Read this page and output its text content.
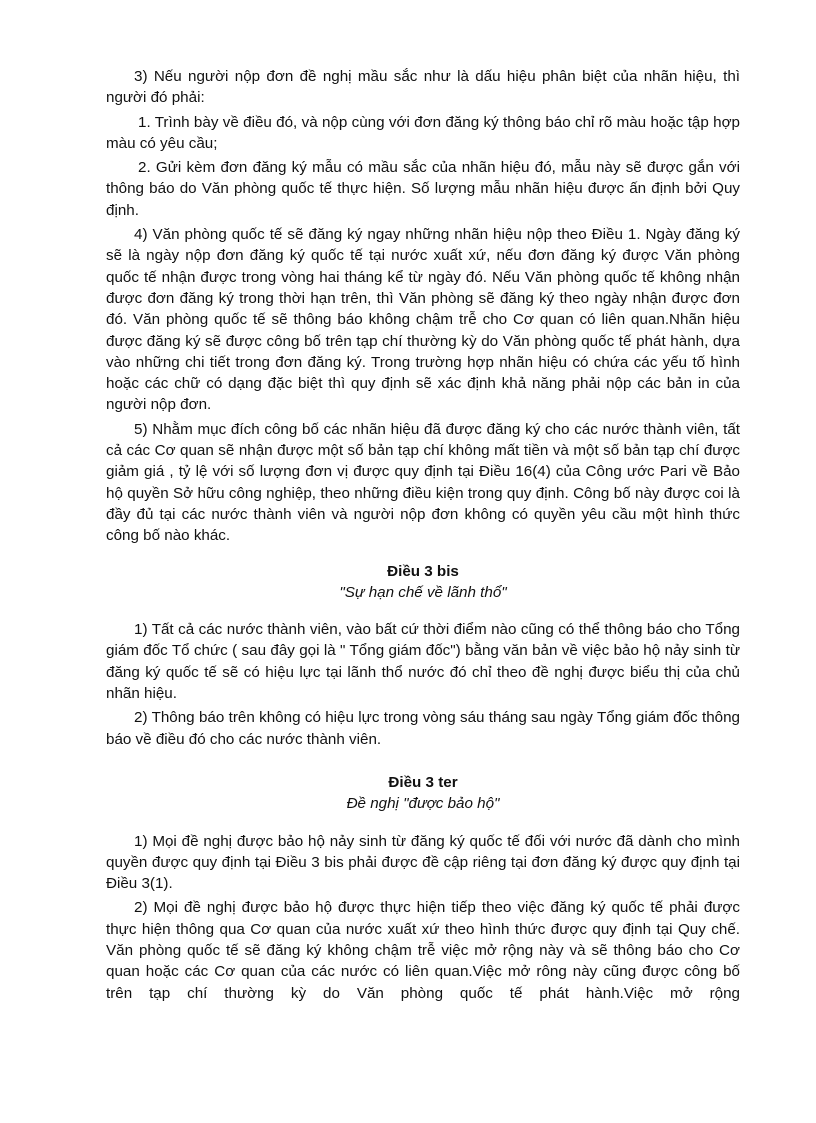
3) Nếu người nộp đơn đề nghị mầu sắc như là dấu hiệu phân biệt của nhãn hiệu, thì người đó phải:

1. Trình bày về điều đó, và nộp cùng với đơn đăng ký thông báo chỉ rõ màu hoặc tập hợp màu có yêu cầu;

2. Gửi kèm đơn đăng ký mẫu có mầu sắc của nhãn hiệu đó, mẫu này sẽ được gắn với thông báo do Văn phòng quốc tế thực hiện. Số lượng mẫu nhãn hiệu được ấn định bởi Quy định.

4) Văn phòng quốc tế sẽ đăng ký ngay những nhãn hiệu nộp theo Điều 1. Ngày đăng ký sẽ là ngày nộp đơn đăng ký quốc tế tại nước xuất xứ, nếu đơn đăng ký được Văn phòng quốc tế nhận được trong vòng hai tháng kể từ ngày đó. Nếu Văn phòng quốc tế không nhận được đơn đăng ký trong thời hạn trên, thì Văn phòng sẽ đăng ký theo ngày nhận được đơn đó. Văn phòng quốc tế sẽ thông báo không chậm trễ cho Cơ quan có liên quan.Nhãn hiệu được đăng ký sẽ được công bố trên tạp chí thường kỳ do Văn phòng quốc tế phát hành, dựa vào những chi tiết trong đơn đăng ký. Trong trường hợp nhãn hiệu có chứa các yếu tố hình hoặc các chữ có dạng đặc biệt thì quy định sẽ xác định khả năng phải nộp các bản in của người nộp đơn.

5) Nhằm mục đích công bố các nhãn hiệu đã được đăng ký cho các nước thành viên, tất cả các Cơ quan sẽ nhận được một số bản tạp chí không mất tiền và một số bản tạp chí được giảm giá , tỷ lệ với số lượng đơn vị được quy định tại Điều 16(4) của Công ước Pari về Bảo hộ quyền Sở hữu công nghiệp, theo những điều kiện trong quy định. Công bố này được coi là đầy đủ tại các nước thành viên và người nộp đơn không có quyền yêu cầu một hình thức công bố nào khác.

Điều 3 bis

"Sự hạn chế về lãnh thổ"

1) Tất cả các nước thành viên, vào bất cứ thời điểm nào cũng có thể thông báo cho Tổng giám đốc Tổ chức ( sau đây gọi là " Tổng giám đốc") bằng văn bản về việc bảo hộ nảy sinh từ đăng ký quốc tế sẽ có hiệu lực tại lãnh thổ nước đó chỉ theo đề nghị được biểu thị của chủ nhãn hiệu.

2) Thông báo trên không có hiệu lực trong vòng sáu tháng sau ngày Tổng giám đốc thông báo về điều đó cho các nước thành viên.

Điều 3 ter

Đề nghị "được bảo hộ"

1) Mọi đề nghị được bảo hộ nảy sinh từ đăng ký quốc tế đối với nước đã dành cho mình quyền được quy định tại Điều 3 bis phải được đề cập riêng tại đơn đăng ký được quy định tại Điều 3(1).

2) Mọi đề nghị được bảo hộ được thực hiện tiếp theo việc đăng ký quốc tế phải được thực hiện thông qua Cơ quan của nước xuất xứ theo hình thức được quy định tại Quy chế. Văn phòng quốc tế sẽ đăng ký không chậm trễ việc mở rộng này và sẽ thông báo cho Cơ quan hoặc các Cơ quan của các nước có liên quan.Việc mở rông này cũng được công bố trên tạp chí thường kỳ do Văn phòng quốc tế phát hành.Việc mở rộng
